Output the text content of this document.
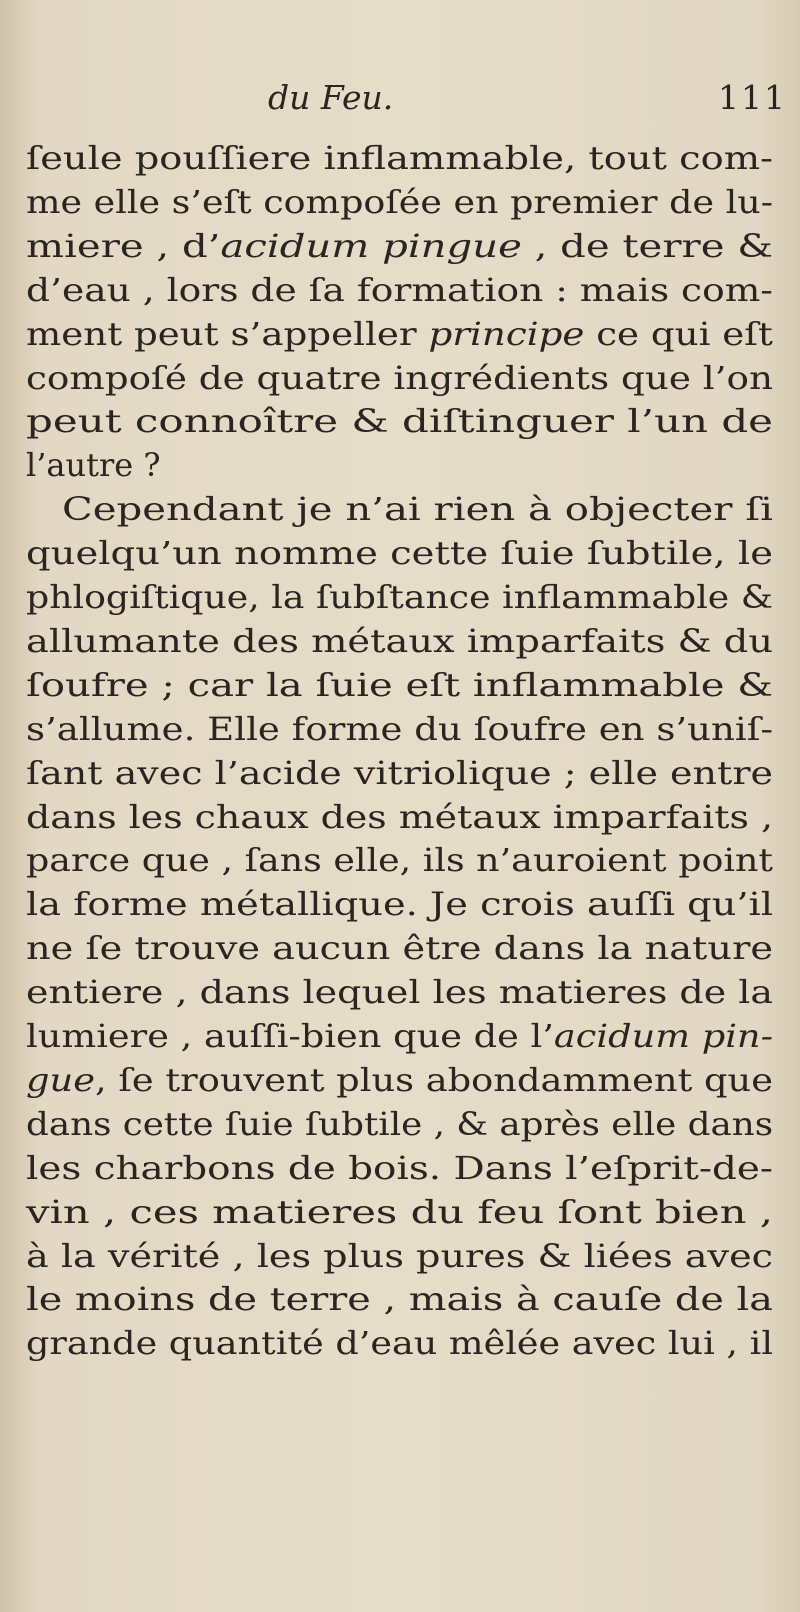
du Feu.	111
ſeule pouſſiere inflammable, tout com-
me elle s’eſt compoſée en premier de lu-
miere , d’ acidum pingue , de terre &
d’eau , lors de ſa formation : mais com-
ment peut s’appeller principe ce qui eſt
compoſé de quatre ingrédients que l’on
peut connoître & diſtinguer l’un de
l’autre ?
Cependant je n’ai rien à objecter ſi
quelqu’un nomme cette ſuie ſubtile, le
phlogiſtique, la ſubſtance inflammable &
allumante des métaux imparfaits & du
ſoufre ; car la ſuie eſt inflammable &
s’allume. Elle forme du ſoufre en s’uniſ-
ſant avec l’acide vitriolique ; elle entre
dans les chaux des métaux imparfaits ,
parce que , ſans elle, ils n’auroient point
la forme métallique. Je crois auſſi qu’il
ne ſe trouve aucun être dans la nature
entiere , dans lequel les matieres de la
lumiere , auſſi-bien que de l’ acidum pin-
gue , ſe trouvent plus abondamment que
dans cette ſuie ſubtile , & après elle dans
les charbons de bois. Dans l’eſprit-de-
vin , ces matieres du feu ſont bien ,
à la vérité , les plus pures & liées avec
le moins de terre , mais à cauſe de la
grande quantité d’eau mêlée avec lui , il
